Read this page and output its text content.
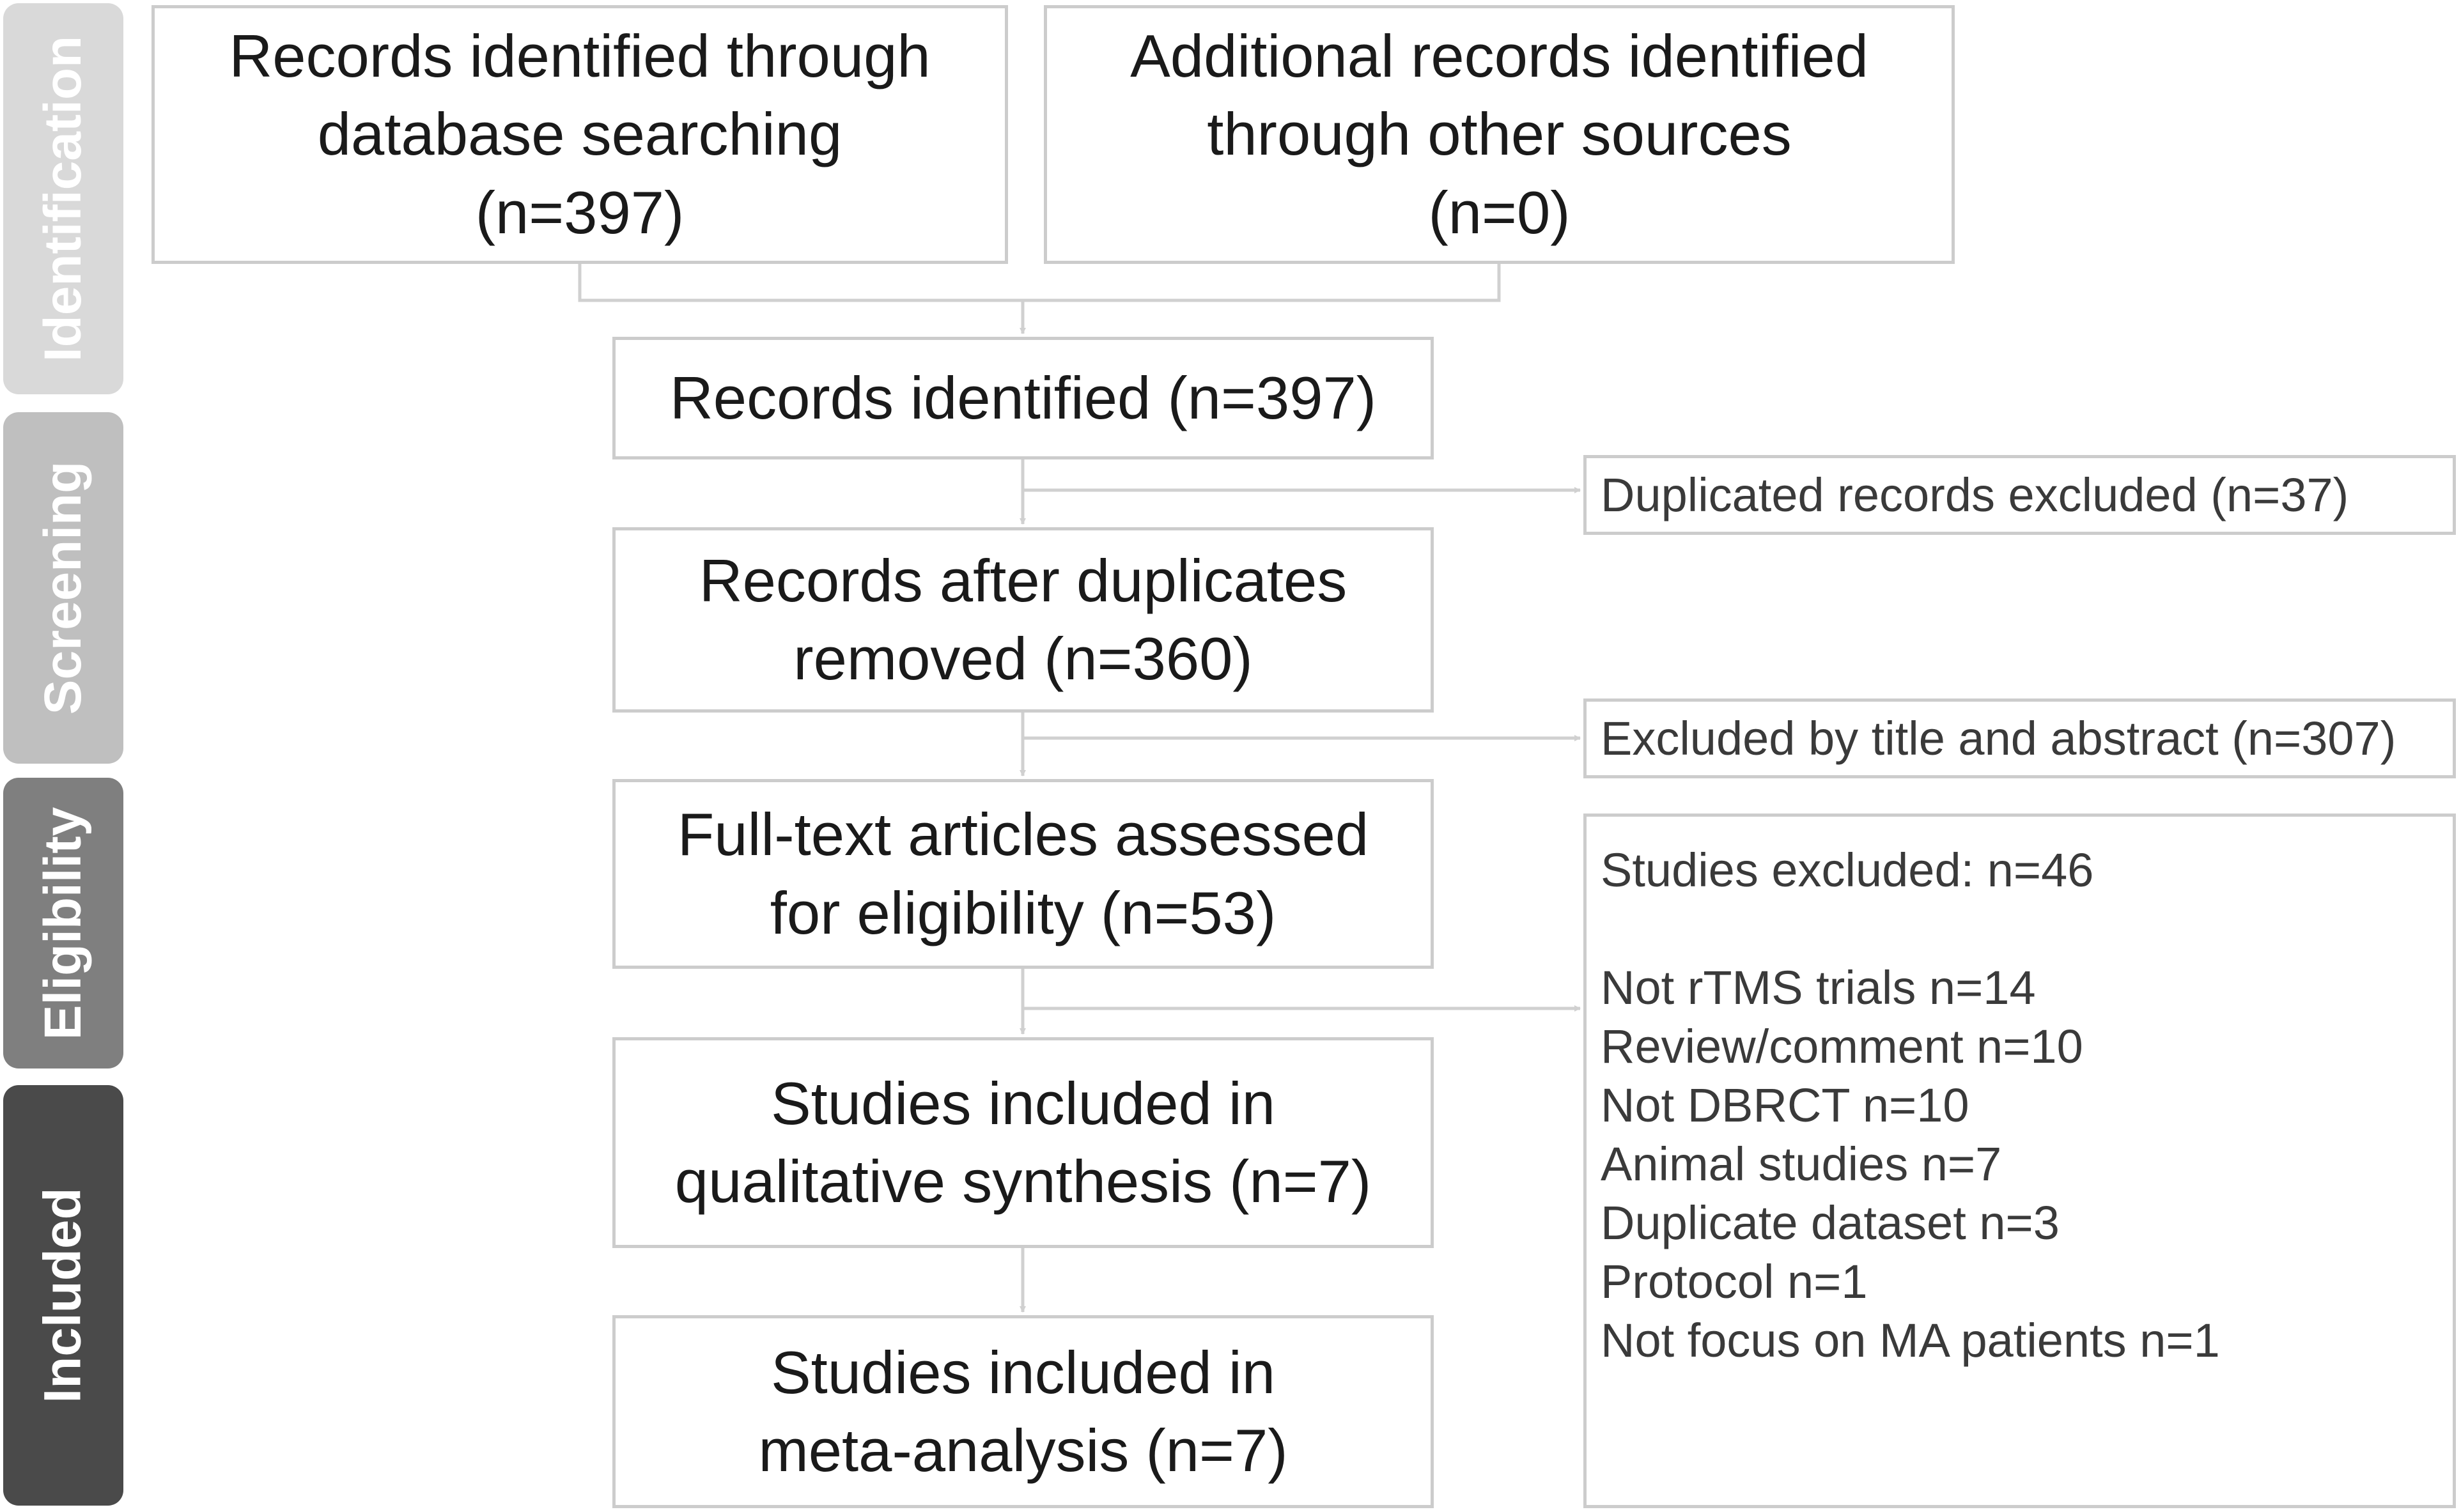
Identification
Screening
Eligibility
Included
Records identified through
database searching
(n=397)
Additional records identified
through other sources
(n=0)
Records identified (n=397)
Records after duplicates
removed (n=360)
Full-text articles assessed
for eligibility (n=53)
Studies included in
qualitative synthesis (n=7)
Studies included in
meta-analysis (n=7)
Duplicated records excluded (n=37)
Excluded by title and abstract (n=307)
Studies excluded: n=46
Not rTMS trials n=14
Review/comment n=10
Not DBRCT n=10
Animal studies n=7
Duplicate dataset n=3
Protocol n=1
Not focus on MA patients n=1
